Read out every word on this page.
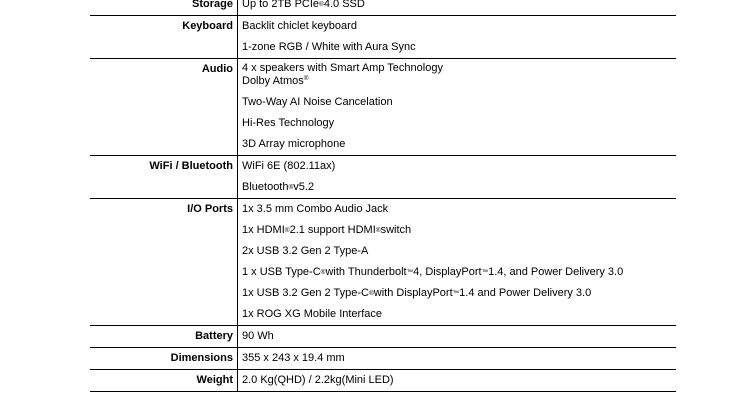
Storage Up to 2TB PCIe ® 4.0 SSD
Keyboard Backlit chiclet keyboard
1-zone RGB / White with Aura Sync
Audio 4 x speakers with Smart Amp Technology
Dolby Atmos®
Two-Way AI Noise Cancelation
Hi-Res Technology
3D Array microphone
WiFi / Bluetooth WiFi 6E (802.11ax)
Bluetooth ® v5.2
I/O Ports 1x 3.5 mm Combo Audio Jack
1x HDMI ® 2.1 support HDMI ® switch
2x USB 3.2 Gen 2 Type-A
1 x USB Type-C ® with Thunderbolt ™ 4, DisplayPort ™ 1.4, and Power Delivery 3.0
1x USB 3.2 Gen 2 Type-C ® with DisplayPort ™ 1.4 and Power Delivery 3.0
1x ROG XG Mobile Interface
Battery 90 Wh
Dimensions 355 x 243 x 19.4 mm
Weight 2.0 Kg(QHD) / 2.2kg(Mini LED)
